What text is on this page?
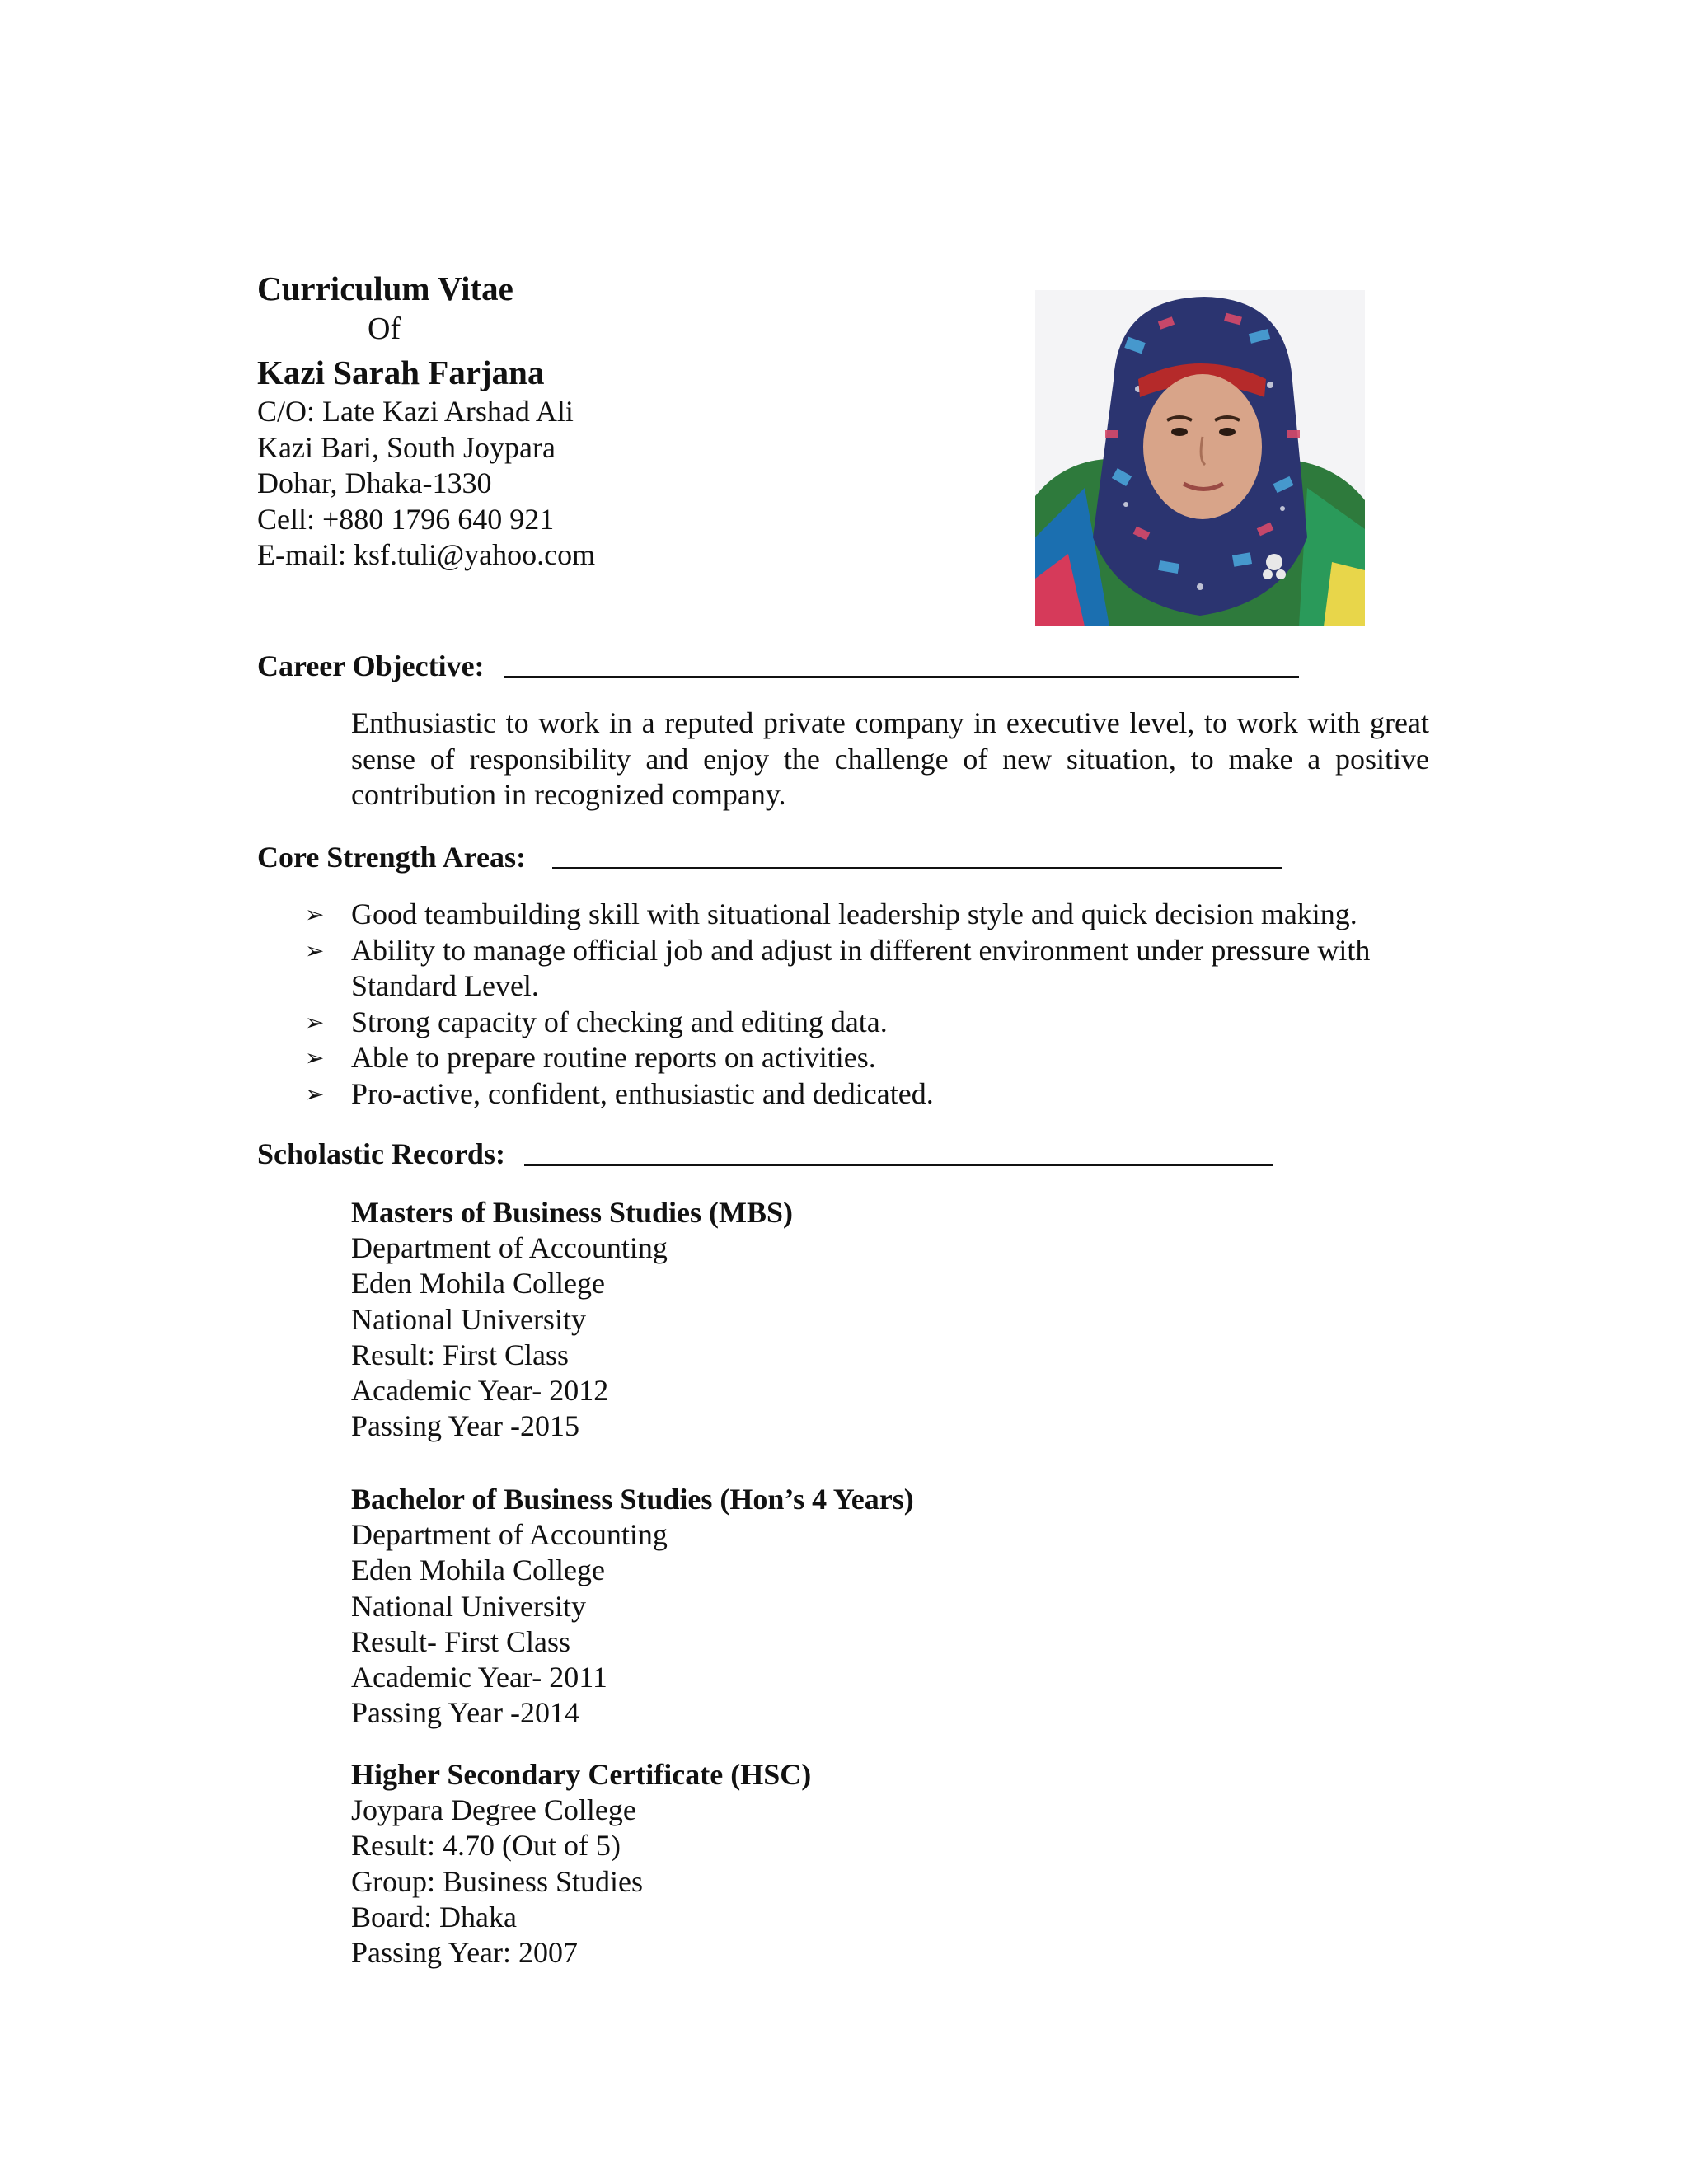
Curriculum Vitae
Of
Kazi Sarah Farjana
C/O: Late Kazi Arshad Ali
Kazi Bari, South Joypara
Dohar, Dhaka-1330
Cell: +880 1796 640 921
E-mail: ksf.tuli@yahoo.com
Career Objective:
Enthusiastic to work in a reputed private company in executive level, to work with great sense of responsibility and enjoy the challenge of new situation, to make a positive contribution in recognized company.
Core Strength Areas:
➢ Good teambuilding skill with situational leadership style and quick decision making.
➢ Ability to manage official job and adjust in different environment under pressure with Standard Level.
➢ Strong capacity of checking and editing data.
➢ Able to prepare routine reports on activities.
➢ Pro-active, confident, enthusiastic and dedicated.
Scholastic Records:
Masters of Business Studies (MBS)
Department of Accounting
Eden Mohila College
National University
Result: First Class
Academic Year- 2012
Passing Year -2015
Bachelor of Business Studies (Hon’s 4 Years)
Department of Accounting
Eden Mohila College
National University
Result- First Class
Academic Year- 2011
Passing Year -2014
Higher Secondary Certificate (HSC)
Joypara Degree College
Result: 4.70 (Out of 5)
Group: Business Studies
Board: Dhaka
Passing Year: 2007
